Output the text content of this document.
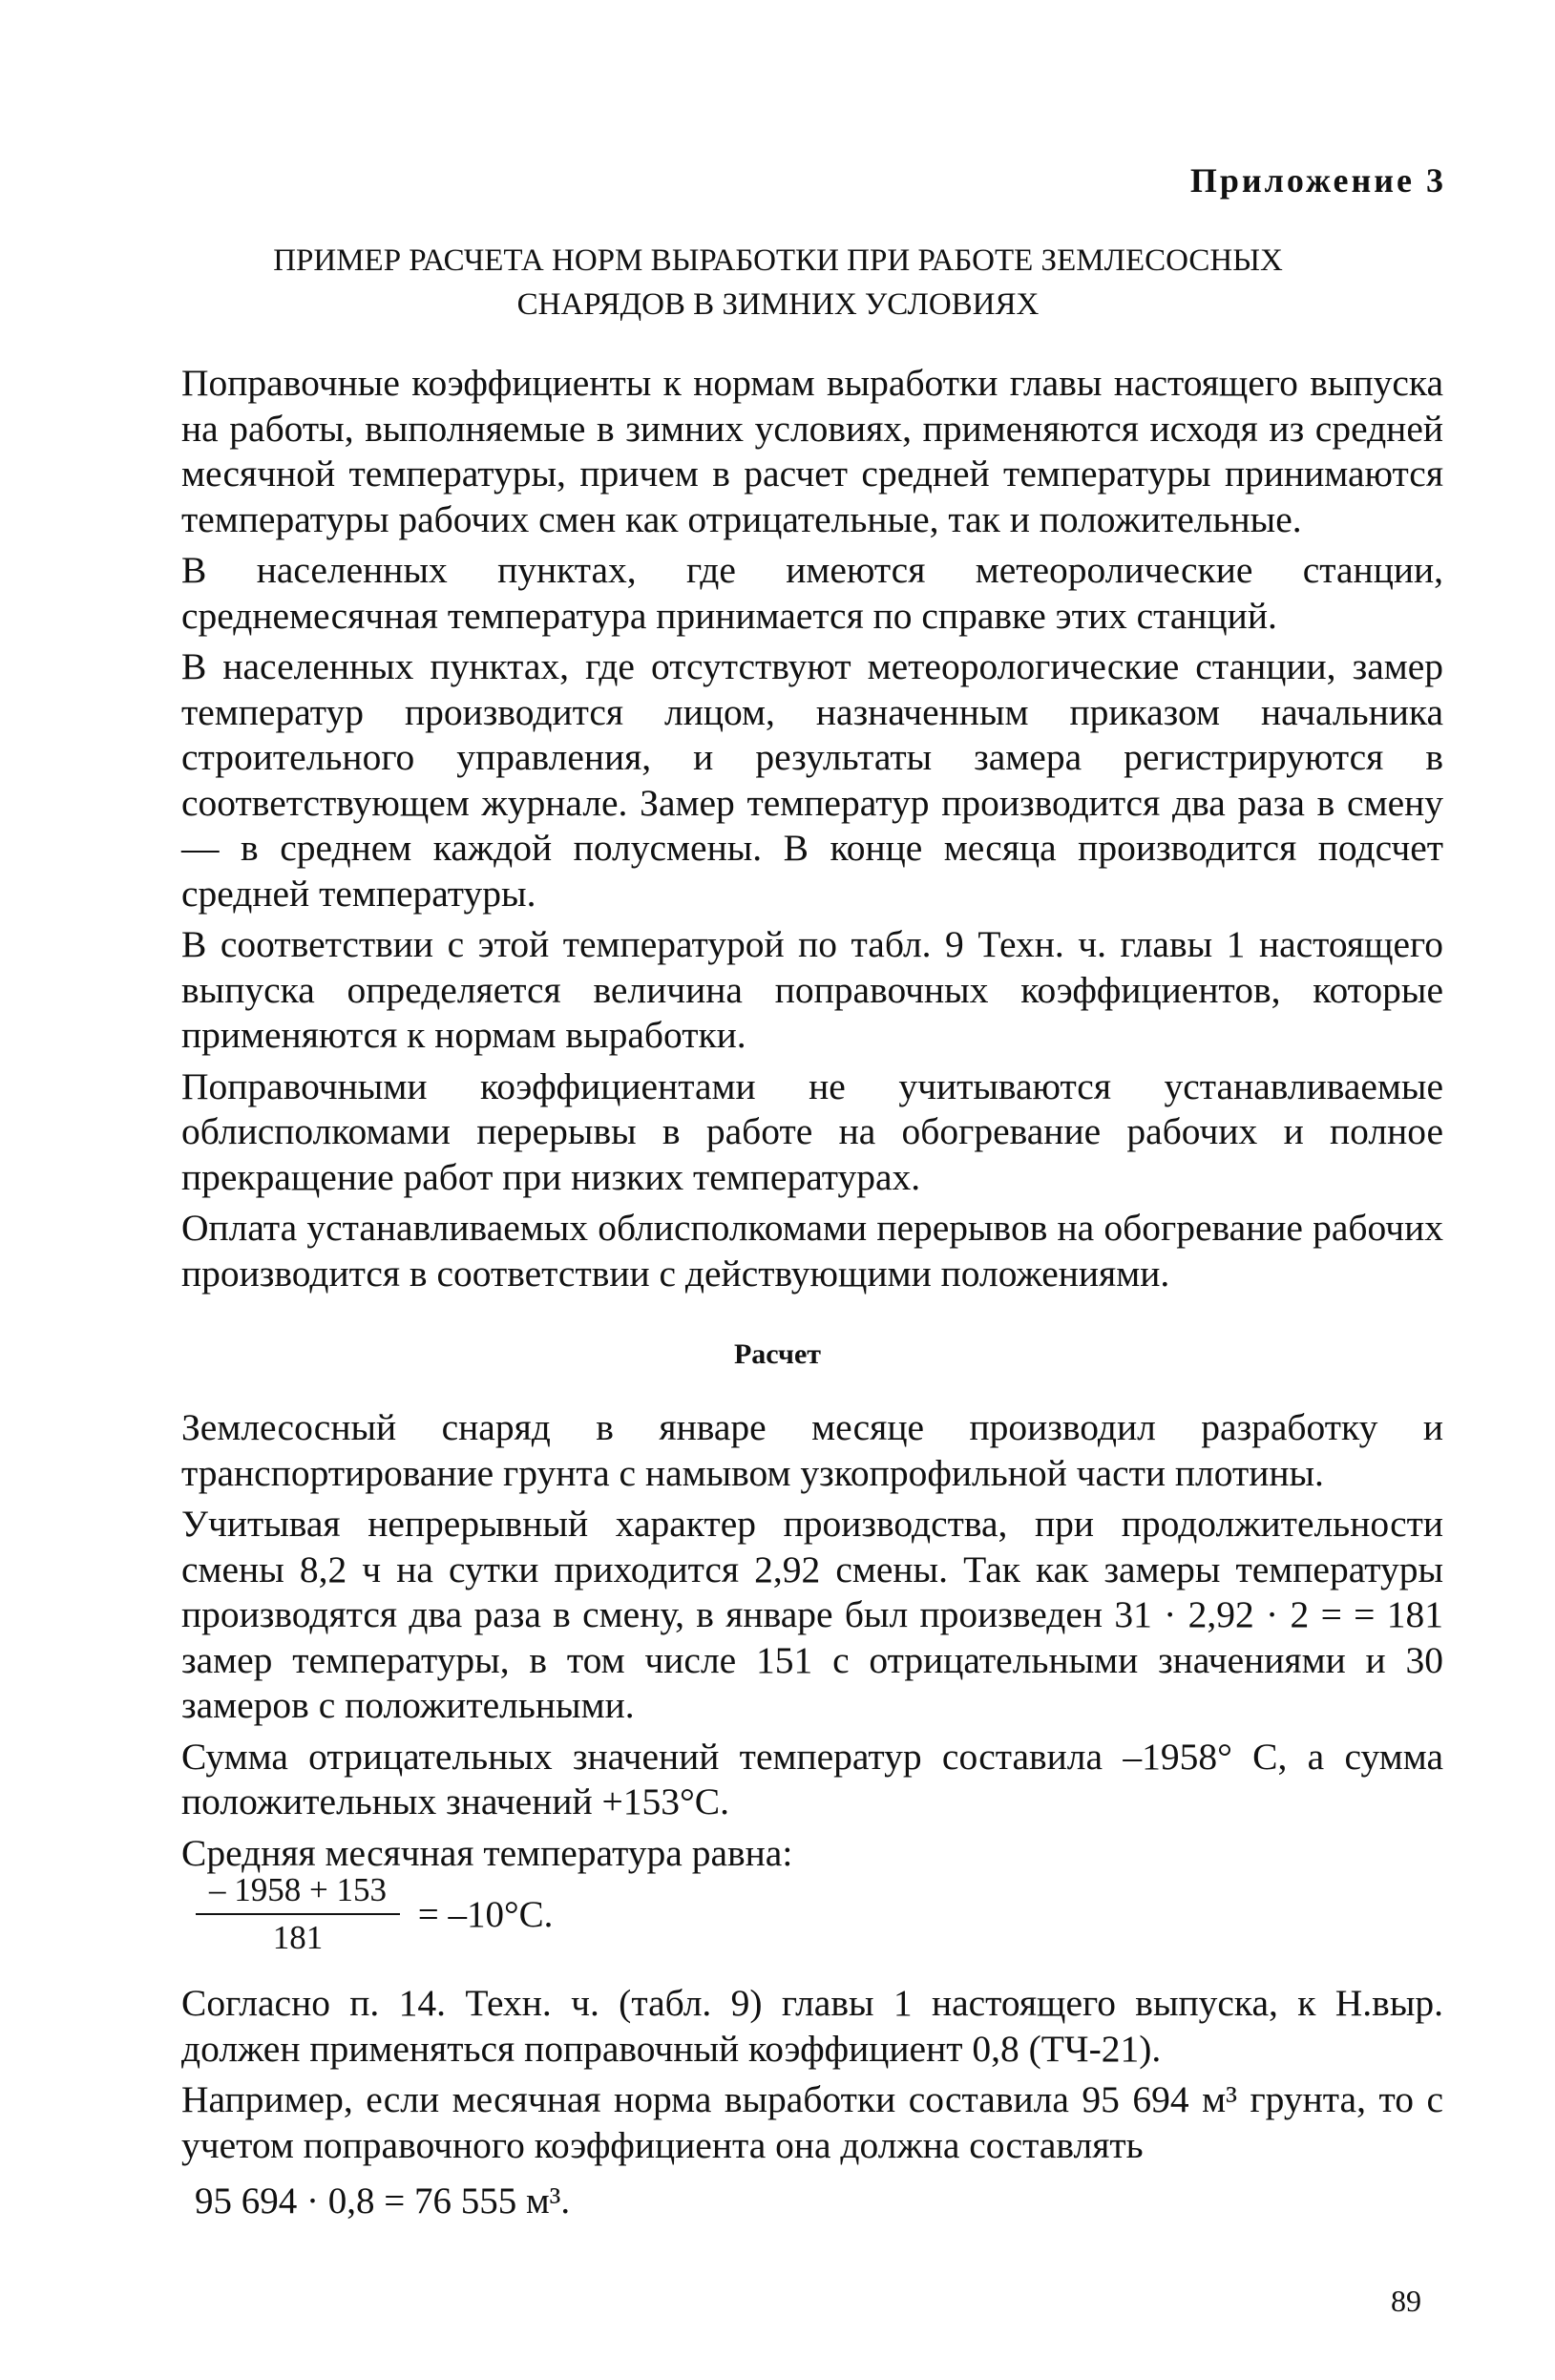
Приложение 3
ПРИМЕР РАСЧЕТА НОРМ ВЫРАБОТКИ ПРИ РАБОТЕ ЗЕМЛЕСОСНЫХ
СНАРЯДОВ В ЗИМНИХ УСЛОВИЯХ

Поправочные коэффициенты к нормам выработки главы настоящего выпуска на работы, выполняемые в зимних условиях, применяются исходя из средней месячной температуры, причем в расчет средней температуры принимаются температуры рабочих смен как отрицательные, так и положительные.

В населенных пунктах, где имеются метеоролические станции, среднемесячная температура принимается по справке этих станций.

В населенных пунктах, где отсутствуют метеорологические станции, замер температур производится лицом, назначенным приказом начальника строительного управления, и результаты замера регистрируются в соответствующем журнале. Замер температур производится два раза в смену — в среднем каждой полусмены. В конце месяца производится подсчет средней температуры.

В соответствии с этой температурой по табл. 9 Техн. ч. главы 1 настоящего выпуска определяется величина поправочных коэффициентов, которые применяются к нормам выработки.

Поправочными коэффициентами не учитываются устанавливаемые облисполкомами перерывы в работе на обогревание рабочих и полное прекращение работ при низких температурах.

Оплата устанавливаемых облисполкомами перерывов на обогревание рабочих производится в соответствии с действующими положениями.

Расчет

Землесосный снаряд в январе месяце производил разработку и транспортирование грунта с намывом узкопрофильной части плотины.

Учитывая непрерывный характер производства, при продолжительности смены 8,2 ч на сутки приходится 2,92 смены. Так как замеры температуры производятся два раза в смену, в январе был произведен 31 · 2,92 · 2 = = 181 замер температуры, в том числе 151 с отрицательными значениями и 30 замеров с положительными.

Сумма отрицательных значений температур составила –1958° С, а сумма положительных значений +153°С.

Средняя месячная температура равна:

$\frac{- 1958 + 153}{181} = -10^\circ С$.

Согласно п. 14. Техн. ч. (табл. 9) главы 1 настоящего выпуска, к Н.выр. должен применяться поправочный коэффициент 0,8 (ТЧ-21).

Например, если месячная норма выработки составила 95 694 м³ грунта, то с учетом поправочного коэффициента она должна составлять

95 694 · 0,8 = 76 555 м³.
89
